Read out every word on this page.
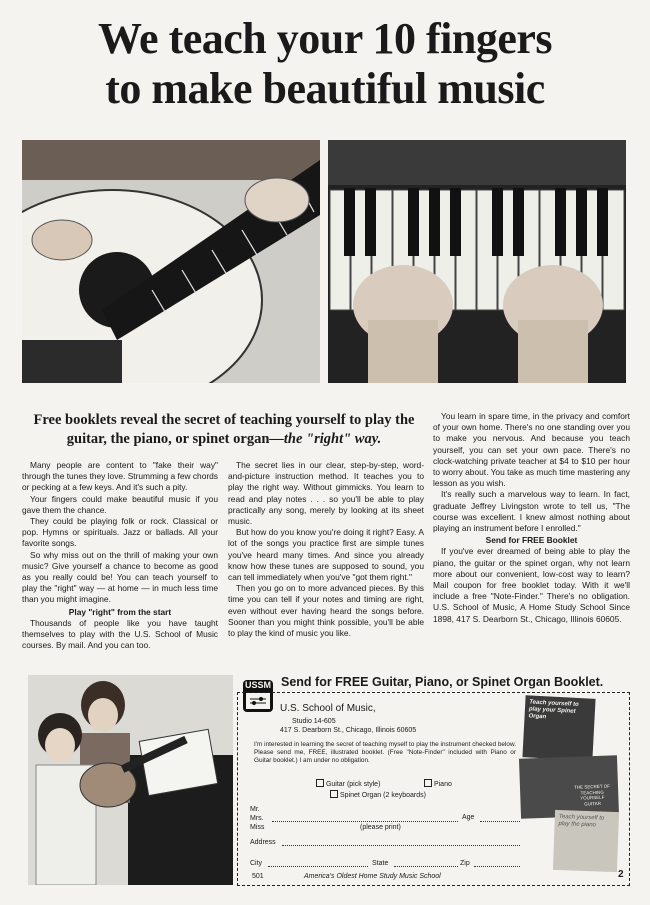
We teach your 10 fingers
to make beautiful music
Free booklets reveal the secret of teaching yourself to play the
guitar, the piano, or spinet organ—the "right" way.

Many people are content to "fake their way" through the tunes they love. Strumming a few chords or pecking at a few keys. And it's such a pity.

Your fingers could make beautiful music if you gave them the chance.

They could be playing folk or rock. Classical or pop. Hymns or spirituals. Jazz or ballads. All your favorite songs.

So why miss out on the thrill of making your own music? Give yourself a chance to become as good as you really could be! You can teach yourself to play the "right" way — at home — in much less time than you might imagine.

Play "right" from the start

Thousands of people like you have taught themselves to play with the U.S. School of Music courses. By mail. And you can too.

The secret lies in our clear, step-by-step, word-and-picture instruction method. It teaches you to play the right way. Without gimmicks. You learn to read and play notes . . . so you'll be able to play practically any song, merely by looking at its sheet music.

But how do you know you're doing it right? Easy. A lot of the songs you practice first are simple tunes you've heard many times. And since you already know how these tunes are supposed to sound, you can tell immediately when you've "got them right."

Then you go on to more advanced pieces. By this time you can tell if your notes and timing are right, even without ever having heard the songs before. Sooner than you might think possible, you'll be able to play the kind of music you like.

You learn in spare time, in the privacy and comfort of your own home. There's no one standing over you to make you nervous. And because you teach yourself, you can set your own pace. There's no clock-watching private teacher at $4 to $10 per hour to worry about. You take as much time mastering any lesson as you wish.

It's really such a marvelous way to learn. In fact, graduate Jeffrey Livingston wrote to tell us, "The course was excellent. I knew almost nothing about playing an instrument before I enrolled."

Send for FREE Booklet

If you've ever dreamed of being able to play the piano, the guitar or the spinet organ, why not learn more about our convenient, low-cost way to learn? Mail coupon for free booklet today. With it we'll include a free "Note-Finder." There's no obligation. U.S. School of Music, A Home Study School Since 1898, 417 S. Dearborn St., Chicago, Illinois 60605.

Send for FREE Guitar, Piano, or Spinet Organ Booklet.
USSM
U.S. School of Music,
Studio 14-605
417 S. Dearborn St., Chicago, Illinois 60605
I'm interested in learning the secret of teaching myself to play the instrument checked below. Please send me, FREE, illustrated booklet. (Free "Note-Finder" included with Piano or Guitar booklet.) I am under no obligation.
Guitar (pick style)	Piano
Spinet Organ (2 keyboards)
Mr.
Mrs.
Miss
Age
(please print)
Address
City	State	Zip
501	America's Oldest Home Study Music School	2
Teach yourself to play your Spinet Organ
THE SECRET OF TEACHING YOURSELF GUITAR
Teach yourself to play the piano
